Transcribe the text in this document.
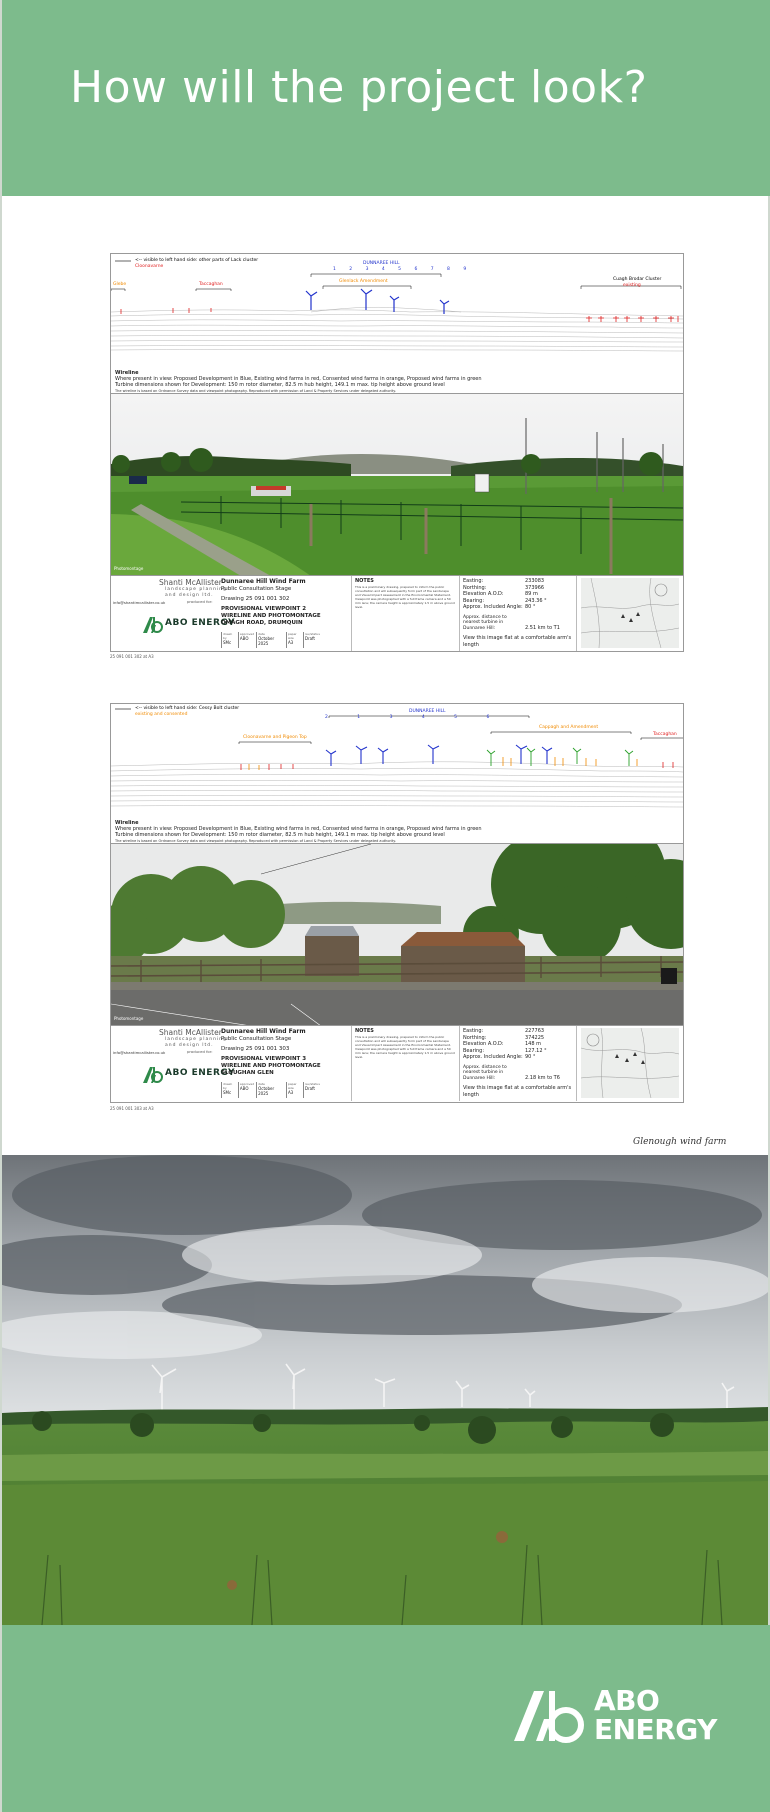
How will the project look?
<-- visible to left hand side: other parts of Lack cluster
Cloonavarne
DUNNAREE HILL
1 2 3 4 5 6 7 8 9
Glenlack Amendment
Glebe	Taccaghan
Cuagh Brodar Cluster
existing
Wireline
Where present in view: Proposed Development in Blue, Existing wind farms in red, Consented wind farms in orange, Proposed wind farms in green
Turbine dimensions shown for Development: 150 m rotor diameter, 82.5 m hub height, 149.1 m max. tip height above ground level
The wireline is based on Ordnance Survey data and viewpoint photography. Reproduced with permission of Land & Property Services under delegated authority.
Photomontage
Shanti McAllister
landscape planning
and design ltd.
produced for:
info@shantimcallister.co.uk
ABO ENERGY
Dunnaree Hill Wind Farm
Public Consultation Stage
Drawing 25 091 001 302
PROVISIONAL VIEWPOINT 2
WIRELINE AND PHOTOMONTAGE
OMAGH ROAD, DRUMQUIN
drawn by
SMc
approved
ABO
date
October 2025
paper size
A3
rev/status
Draft
NOTES
This is a preliminary drawing, prepared to inform the public consultation and will subsequently form part of the Landscape and Visual Impact Assessment in the Environmental Statement. Viewpoint was photographed with a full frame camera and a 50 mm lens; the camera height is approximately 1.5 m above ground level.
Easting:	233083
Northing:	373966
Elevation A.O.D:	89 m
Bearing:	243.36 °
Approx. Included Angle: 80 °
Approx. distance to nearest turbine in Dunnaree Hill:	2.51 km to T1
View this image flat at a comfortable arm's length
25 091 001 302 at A3
<-- visible to left hand side: Cessy Bolt cluster
existing and consented
DUNNAREE HILL
2 1 3 4 5 6
Cloonavarne and Pigeon Top
Cappagh and Amendment
Taccaghan
Wireline
Where present in view: Proposed Development in Blue, Existing wind farms in red, Consented wind farms in orange, Proposed wind farms in green
Turbine dimensions shown for Development: 150 m rotor diameter, 82.5 m hub height, 149.1 m max. tip height above ground level
The wireline is based on Ordnance Survey data and viewpoint photography. Reproduced with permission of Land & Property Services under delegated authority.
Photomontage
Shanti McAllister
landscape planning
and design ltd.
produced for:
info@shantimcallister.co.uk
ABO ENERGY
Dunnaree Hill Wind Farm
Public Consultation Stage
Drawing 25 091 001 303
PROVISIONAL VIEWPOINT 3
WIRELINE AND PHOTOMONTAGE
SLOUGHAN GLEN
drawn by
SMc
approved
ABO
date
October 2025
paper size
A3
rev/status
Draft
NOTES
This is a preliminary drawing, prepared to inform the public consultation and will subsequently form part of the Landscape and Visual Impact Assessment in the Environmental Statement. Viewpoint was photographed with a full frame camera and a 50 mm lens; the camera height is approximately 1.5 m above ground level.
Easting:	227763
Northing:	374225
Elevation A.O.D:	148 m
Bearing:	127.12 °
Approx. Included Angle: 90 °
Approx. distance to nearest turbine in Dunnaree Hill:	2.18 km to T6
View this image flat at a comfortable arm's length
25 091 001 303 at A3
Glenough wind farm
ABO
ENERGY
